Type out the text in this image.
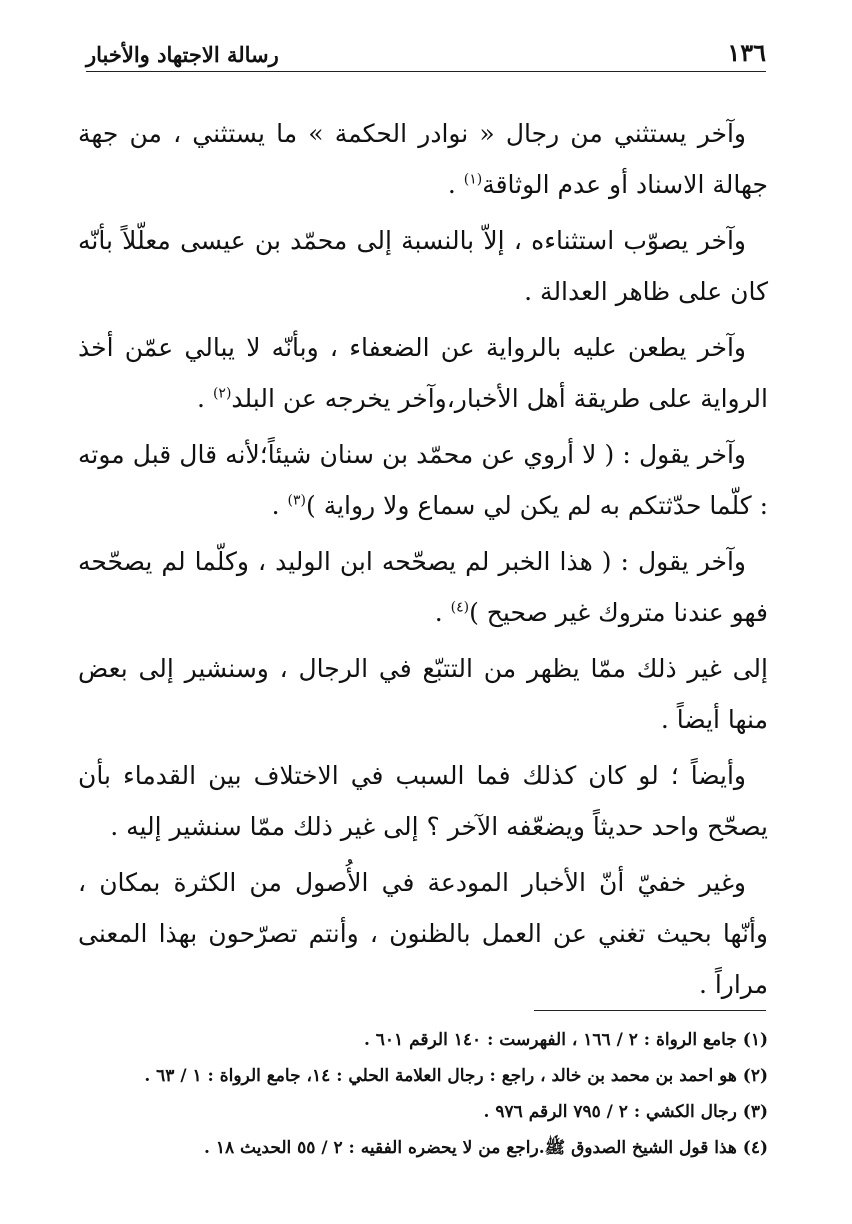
١٣٦
رسالة الاجتهاد والأخبار

وآخر يستثني من رجال « نوادر الحكمة » ما يستثني ، من جهة جهالة الاسناد أو عدم الوثاقة$^{(١)}$ .

وآخر يصوّب استثناءه ، إلاّ بالنسبة إلى محمّد بن عيسى معلّلاً بأنّه كان على ظاهر العدالة .

وآخر يطعن عليه بالرواية عن الضعفاء ، وبأنّه لا يبالي عمّن أخذ الرواية على طريقة أهل الأخبار،وآخر يخرجه عن البلد$^{(٢)}$ .

وآخر يقول : ( لا أروي عن محمّد بن سنان شيئاً؛لأنه قال قبل موته : كلّما حدّثتكم به لم يكن لي سماع ولا رواية )$^{(٣)}$ .

وآخر يقول : ( هذا الخبر لم يصحّحه ابن الوليد ، وكلّما لم يصحّحه فهو عندنا متروك غير صحيح )$^{(٤)}$ .

إلى غير ذلك ممّا يظهر من التتبّع في الرجال ، وسنشير إلى بعض منها أيضاً .

وأيضاً ؛ لو كان كذلك فما السبب في الاختلاف بين القدماء بأن يصحّح واحد حديثاً ويضعّفه الآخر ؟ إلى غير ذلك ممّا سنشير إليه .

وغير خفيّ أنّ الأخبار المودعة في الأُصول من الكثرة بمكان ، وأنّها بحيث تغني عن العمل بالظنون ، وأنتم تصرّحون بهذا المعنى مراراً .

(١) جامع الرواة : ٢ / ١٦٦ ، الفهرست : ١٤٠ الرقم ٦٠١ .
(٢) هو احمد بن محمد بن خالد ، راجع : رجال العلامة الحلي : ١٤، جامع الرواة : ١ / ٦٣ .
(٣) رجال الكشي : ٢ / ٧٩٥ الرقم ٩٧٦ .
(٤) هذا قول الشيخ الصدوق ﷺ.راجع من لا يحضره الفقيه : ٢ / ٥٥ الحديث ١٨ .
